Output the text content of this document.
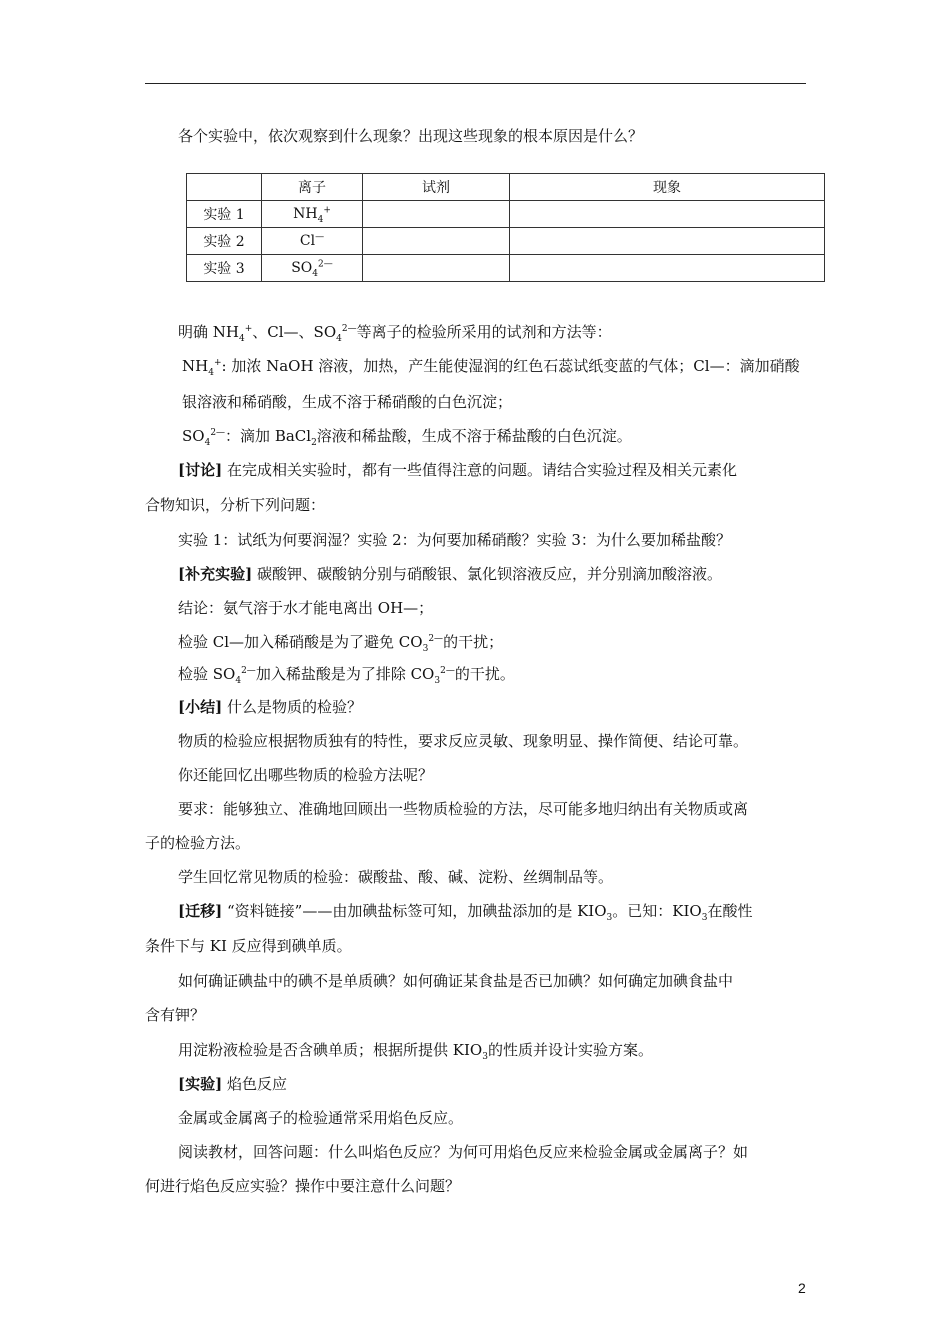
各个实验中，依次观察到什么现象？出现这些现象的根本原因是什么？
	离子	试剂	现象
实验 1	$NH_4^+$		
实验 2	Cl—		
实验 3	$SO_4^{2—}$		
明确 $NH_4^+$、Cl—、$SO_4^{2—}$等离子的检验所采用的试剂和方法等：
$NH_4^+$: 加浓 NaOH 溶液，加热，产生能使湿润的红色石蕊试纸变蓝的气体；Cl—：滴加硝酸
银溶液和稀硝酸，生成不溶于稀硝酸的白色沉淀；
$SO_4^{2—}$：滴加 BaCl$_2$溶液和稀盐酸，生成不溶于稀盐酸的白色沉淀。
[讨论] 在完成相关实验时，都有一些值得注意的问题。请结合实验过程及相关元素化
合物知识，分析下列问题：
实验 1：试纸为何要润湿？实验 2：为何要加稀硝酸？实验 3：为什么要加稀盐酸？
[补充实验] 碳酸钾、碳酸钠分别与硝酸银、氯化钡溶液反应，并分别滴加酸溶液。
结论：氨气溶于水才能电离出 OH—；
检验 Cl—加入稀硝酸是为了避免 $CO_3^{2—}$的干扰；
检验 $SO_4^{2—}$加入稀盐酸是为了排除 $CO_3^{2—}$的干扰。
[小结] 什么是物质的检验？
物质的检验应根据物质独有的特性，要求反应灵敏、现象明显、操作简便、结论可靠。
你还能回忆出哪些物质的检验方法呢？
要求：能够独立、准确地回顾出一些物质检验的方法，尽可能多地归纳出有关物质或离
子的检验方法。
学生回忆常见物质的检验：碳酸盐、酸、碱、淀粉、丝绸制品等。
[迁移] “资料链接”——由加碘盐标签可知，加碘盐添加的是 $KIO_3$。已知：$KIO_3$在酸性
条件下与 KI 反应得到碘单质。
如何确证碘盐中的碘不是单质碘？如何确证某食盐是否已加碘？如何确定加碘食盐中
含有钾？
用淀粉液检验是否含碘单质；根据所提供 $KIO_3$的性质并设计实验方案。
[实验] 焰色反应
金属或金属离子的检验通常采用焰色反应。
阅读教材，回答问题：什么叫焰色反应？为何可用焰色反应来检验金属或金属离子？如
何进行焰色反应实验？操作中要注意什么问题？
2
